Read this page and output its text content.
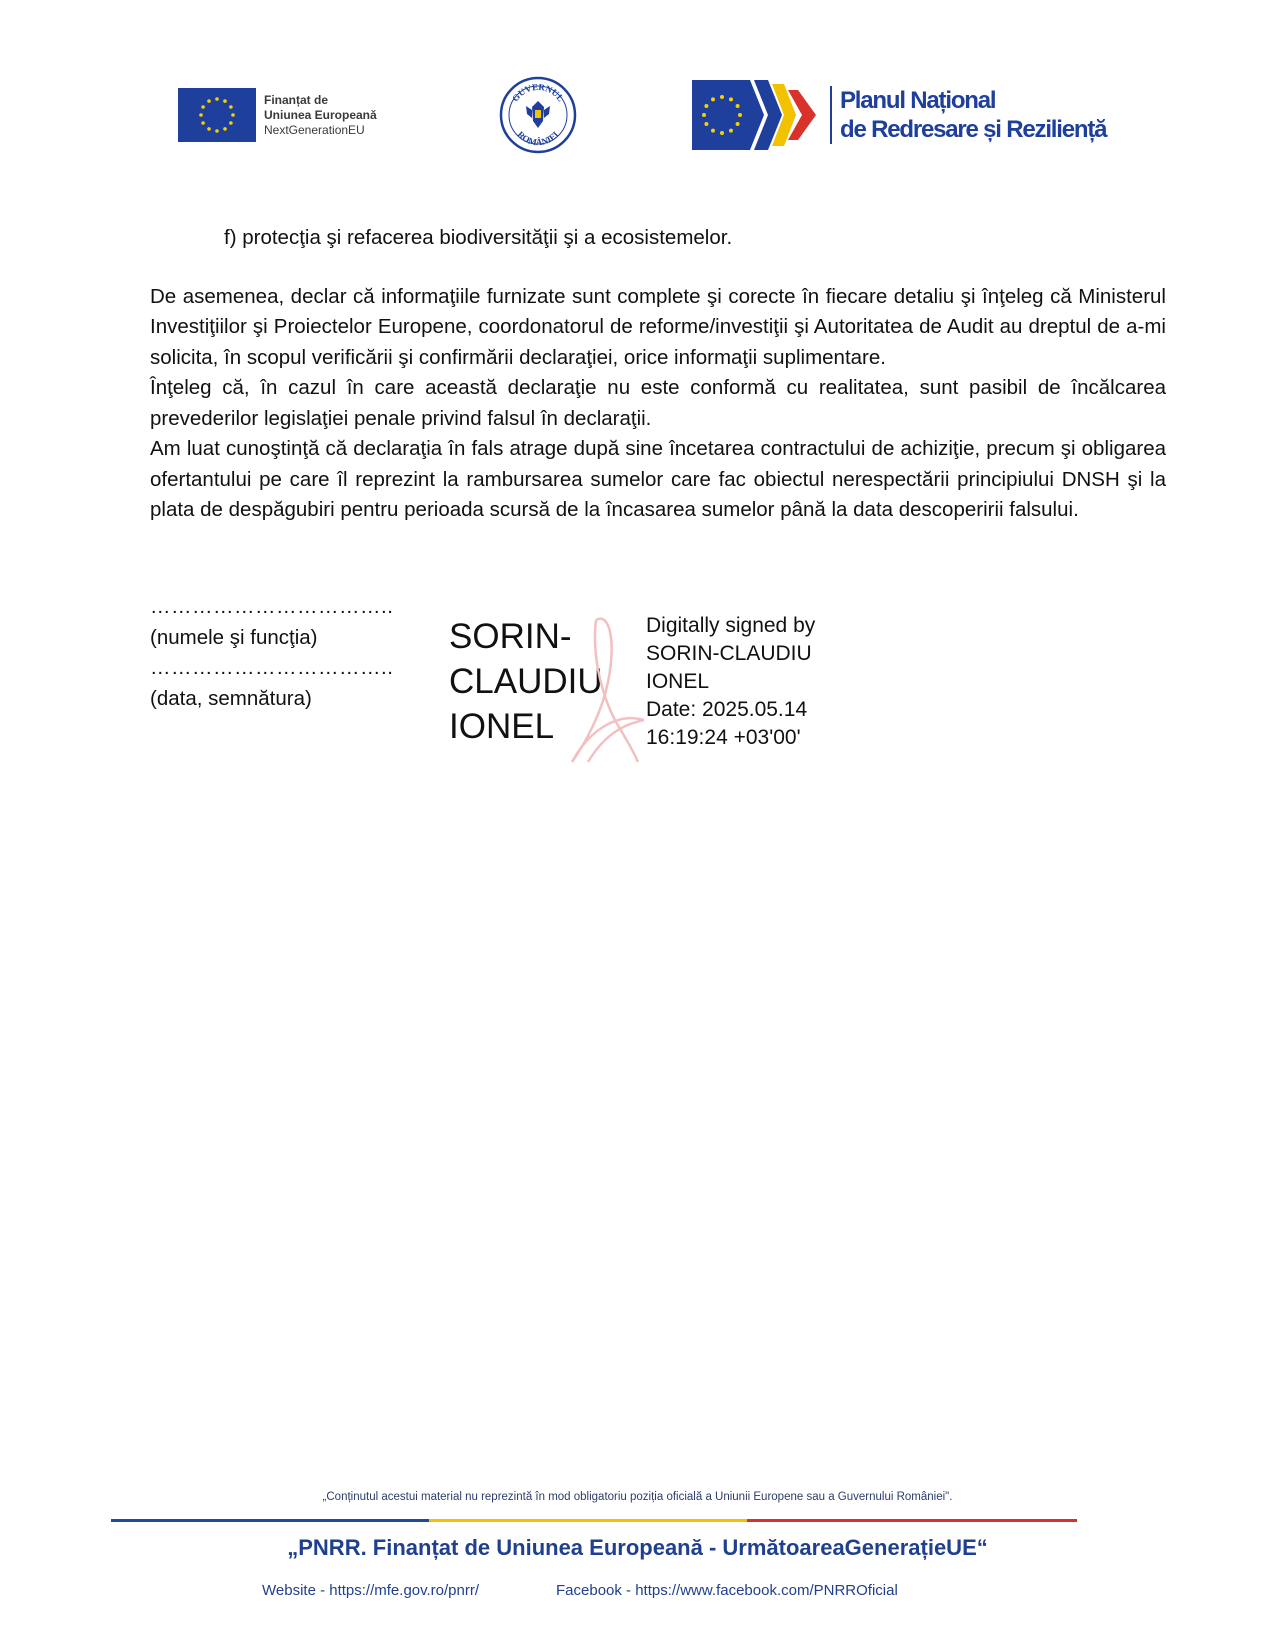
Finanțat de
Uniunea Europeană
NextGenerationEU
GUVERNUL
ROMÂNIEI
Planul Național
de Redresare și Reziliență
f) protecţia şi refacerea biodiversităţii şi a ecosistemelor.

De asemenea, declar că informaţiile furnizate sunt complete şi corecte în fiecare detaliu şi înţeleg că Ministerul Investiţiilor şi Proiectelor Europene, coordonatorul de reforme/investiţii şi Autoritatea de Audit au dreptul de a-mi solicita, în scopul verificării şi confirmării declaraţiei, orice informaţii suplimentare.

Înţeleg că, în cazul în care această declaraţie nu este conformă cu realitatea, sunt pasibil de încălcarea prevederilor legislaţiei penale privind falsul în declaraţii.

Am luat cunoştinţă că declaraţia în fals atrage după sine încetarea contractului de achiziţie, precum şi obligarea ofertantului pe care îl reprezint la rambursarea sumelor care fac obiectul nerespectării principiului DNSH şi la plata de despăgubiri pentru perioada scursă de la încasarea sumelor până la data descoperirii falsului.

……………………………..
(numele şi funcţia)
……………………………..
(data, semnătura)
SORIN-
CLAUDIU
IONEL
Digitally signed by
SORIN-CLAUDIU
IONEL
Date: 2025.05.14
16:19:24 +03'00'
„Conținutul acestui material nu reprezintă în mod obligatoriu poziția oficială a Uniunii Europene sau a Guvernului României".
„PNRR. Finanțat de Uniunea Europeană - UrmătoareaGenerațieUE“
Website - https://mfe.gov.ro/pnrr/	Facebook - https://www.facebook.com/PNRROficial
